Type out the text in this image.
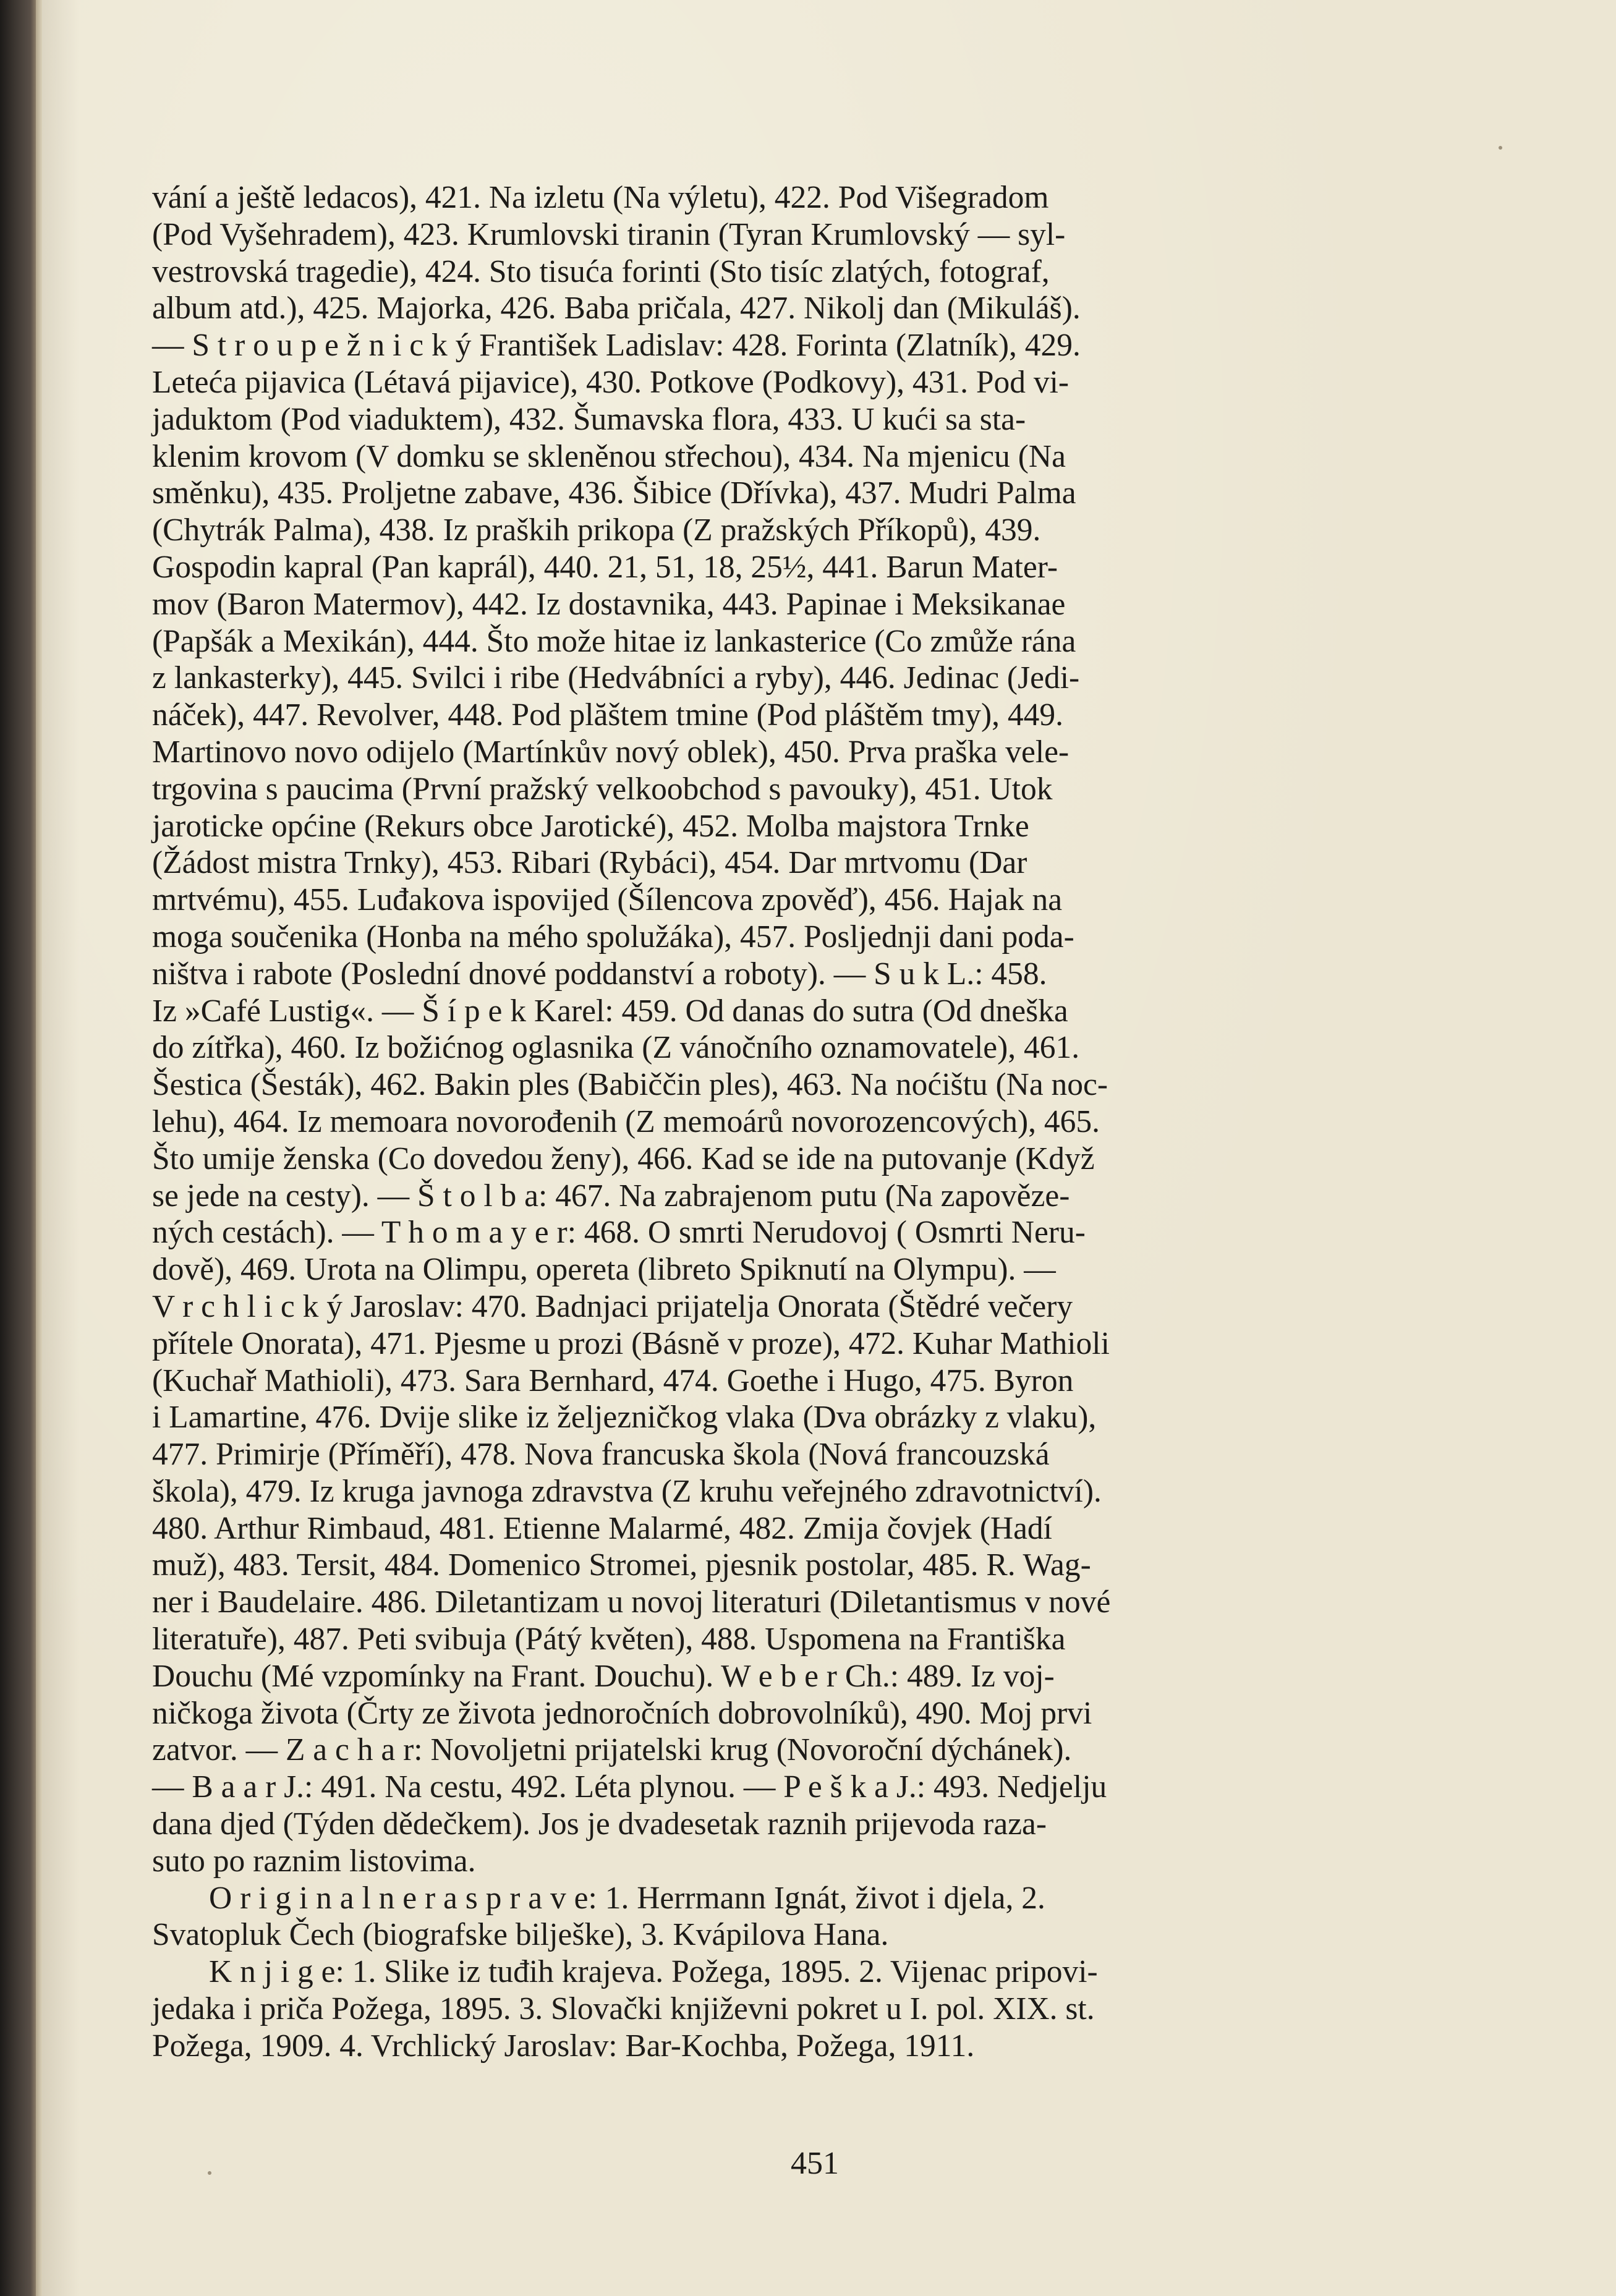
vání a ještě ledacos), 421. Na izletu (Na výletu), 422. Pod Višegradom
(Pod Vyšehradem), 423. Krumlovski tiranin (Tyran Krumlovský — syl-
vestrovská tragedie), 424. Sto tisuća forinti (Sto tisíc zlatých, fotograf,
album atd.), 425. Majorka, 426. Baba pričala, 427. Nikolj dan (Mikuláš).
— S t r o u p e ž n i c k ý František Ladislav: 428. Forinta (Zlatník), 429.
Leteća pijavica (Létavá pijavice), 430. Potkove (Podkovy), 431. Pod vi-
jaduktom (Pod viaduktem), 432. Šumavska flora, 433. U kući sa sta-
klenim krovom (V domku se skleněnou střechou), 434. Na mjenicu (Na
směnku), 435. Proljetne zabave, 436. Šibice (Dřívka), 437. Mudri Palma
(Chytrák Palma), 438. Iz praških prikopa (Z pražských Příkopů), 439.
Gospodin kapral (Pan kaprál), 440. 21, 51, 18, 25½, 441. Barun Mater-
mov (Baron Matermov), 442. Iz dostavnika, 443. Papinae i Meksikanae
(Papšák a Mexikán), 444. Što može hitae iz lankasterice (Co zmůže rána
z lankasterky), 445. Svilci i ribe (Hedvábníci a ryby), 446. Jedinac (Jedi-
náček), 447. Revolver, 448. Pod plăštem tmine (Pod pláštěm tmy), 449.
Martinovo novo odijelo (Martínkův nový oblek), 450. Prva praška vele-
trgovina s paucima (První pražský velkoobchod s pavouky), 451. Utok
jaroticke općine (Rekurs obce Jarotické), 452. Molba majstora Trnke
(Žádost mistra Trnky), 453. Ribari (Rybáci), 454. Dar mrtvomu (Dar
mrtvému), 455. Luđakova ispovijed (Šílencova zpověď), 456. Hajak na
moga součenika (Honba na mého spolužáka), 457. Posljednji dani poda-
ništva i rabote (Poslední dnové poddanství a roboty). — S u k L.: 458.
Iz »Café Lustig«. — Š í p e k Karel: 459. Od danas do sutra (Od dneška
do zítřka), 460. Iz božićnog oglasnika (Z vánočního oznamovatele), 461.
Šestica (Šesták), 462. Bakin ples (Babiččin ples), 463. Na noćištu (Na noc-
lehu), 464. Iz memoara novorođenih (Z memoárů novorozencových), 465.
Što umije ženska (Co dovedou ženy), 466. Kad se ide na putovanje (Když
se jede na cesty). — Š t o l b a: 467. Na zabrajenom putu (Na zapověze-
ných cestách). — T h o m a y e r: 468. O smrti Nerudovoj ( Osmrti Neru-
dově), 469. Urota na Olimpu, opereta (libreto Spiknutí na Olympu). —
V r c h l i c k ý Jaroslav: 470. Badnjaci prijatelja Onorata (Štědré večery
přítele Onorata), 471. Pjesme u prozi (Básně v proze), 472. Kuhar Mathioli
(Kuchař Mathioli), 473. Sara Bernhard, 474. Goethe i Hugo, 475. Byron
i Lamartine, 476. Dvije slike iz željezničkog vlaka (Dva obrázky z vlaku),
477. Primirje (Příměří), 478. Nova francuska škola (Nová francouzská
škola), 479. Iz kruga javnoga zdravstva (Z kruhu veřejného zdravotnictví).
480. Arthur Rimbaud, 481. Etienne Malarmé, 482. Zmija čovjek (Hadí
muž), 483. Tersit, 484. Domenico Stromei, pjesnik postolar, 485. R. Wag-
ner i Baudelaire. 486. Diletantizam u novoj literaturi (Diletantismus v nové
literatuře), 487. Peti svibuja (Pátý květen), 488. Uspomena na Františka
Douchu (Mé vzpomínky na Frant. Douchu). W e b e r Ch.: 489. Iz voj-
ničkoga života (Črty ze života jednoročních dobrovolníků), 490. Moj prvi
zatvor. — Z a c h a r: Novoljetni prijatelski krug (Novoroční dýchánek).
— B a a r J.: 491. Na cestu, 492. Léta plynou. — P e š k a J.: 493. Nedjelju
dana djed (Týden dědečkem). Jos je dvadesetak raznih prijevoda raza-
suto po raznim listovima.
O r i g i n a l n e r a s p r a v e: 1. Herrmann Ignát, život i djela, 2.
Svatopluk Čech (biografske bilješke), 3. Kvápilova Hana.
K n j i g e: 1. Slike iz tuđih krajeva. Požega, 1895. 2. Vijenac pripovi-
jedaka i priča Požega, 1895. 3. Slovački književni pokret u I. pol. XIX. st.
Požega, 1909. 4. Vrchlický Jaroslav: Bar-Kochba, Požega, 1911.
451
